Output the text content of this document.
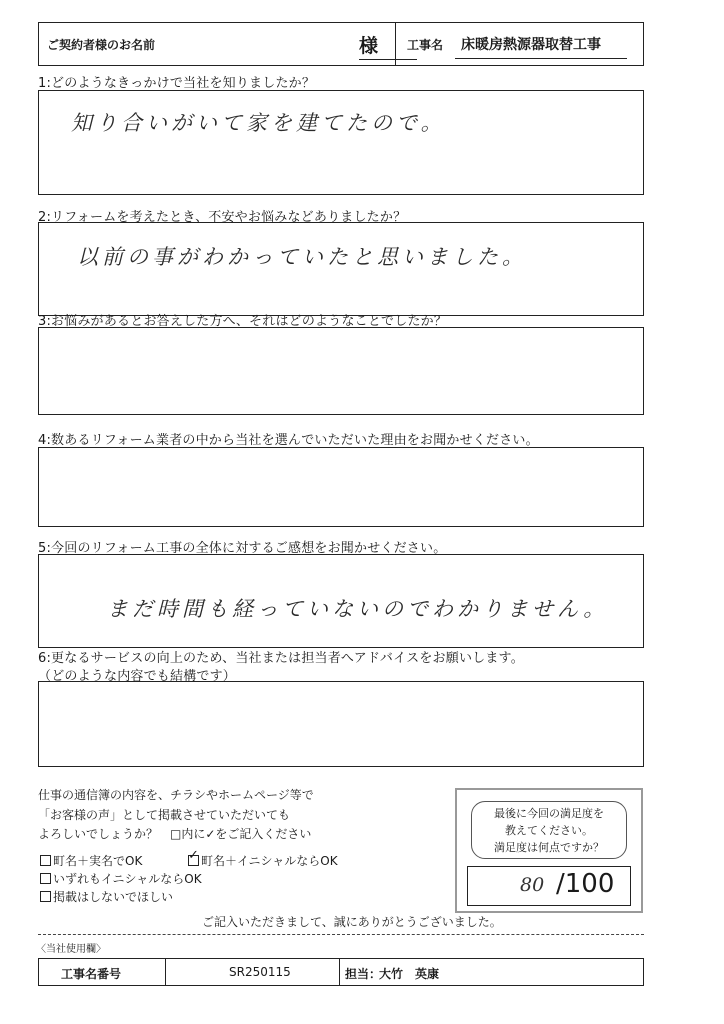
ご契約者様のお名前	様 工事名 床暖房熱源器取替工事
1:どのようなきっかけで当社を知りましたか？
知り合いがいて家を建てたので。
2:リフォームを考えたとき、不安やお悩みなどありましたか？
以前の事がわかっていたと思いました。
3:お悩みがあるとお答えした方へ、それはどのようなことでしたか？
4:数あるリフォーム業者の中から当社を選んでいただいた理由をお聞かせください。
5:今回のリフォーム工事の全体に対するご感想をお聞かせください。
まだ時間も経っていないのでわかりません。
6:更なるサービスの向上のため、当社または担当者へアドバイスをお願いします。
（どのような内容でも結構です）
仕事の通信簿の内容を、チラシやホームページ等で
「お客様の声」として掲載させていただいても
よろしいでしょうか？　□内に✓をご記入ください
町名＋実名でOK
✓	町名＋イニシャルならOK
いずれもイニシャルならOK
掲載はしないでほしい
最後に今回の満足度を
教えてください。
満足度は何点ですか？
80 /100
ご記入いただきまして、誠にありがとうございました。
〈当社使用欄〉
工事名番号	SR250115	担当：
大竹　英康
